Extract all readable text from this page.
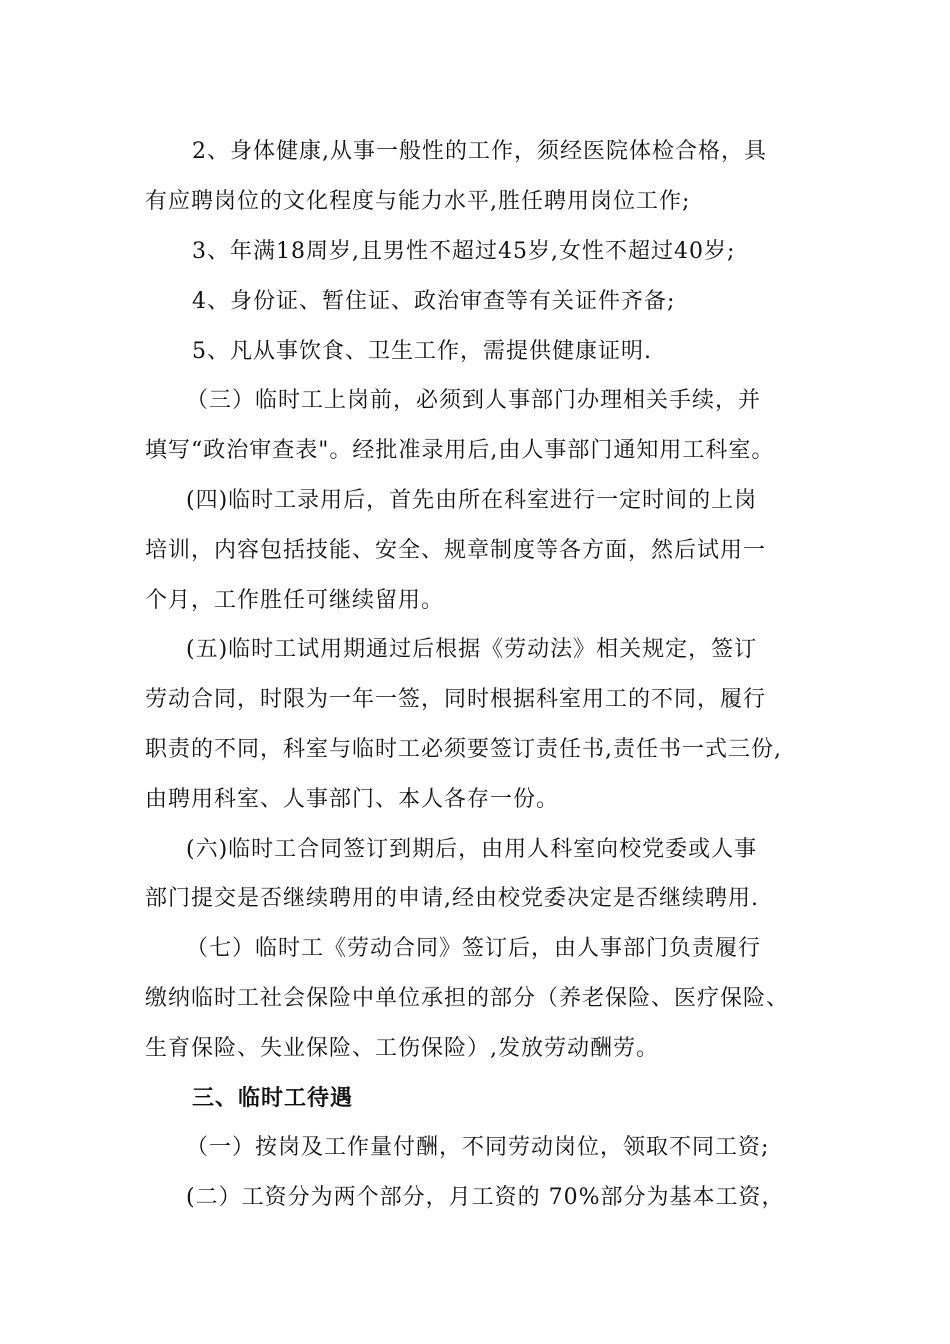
2、身体健康,从事一般性的工作，须经医院体检合格，具
有应聘岗位的文化程度与能力水平,胜任聘用岗位工作;
3、年满18周岁,且男性不超过45岁,女性不超过40岁;
4、身份证、暂住证、政治审查等有关证件齐备;
5、凡从事饮食、卫生工作，需提供健康证明.
（三）临时工上岗前，必须到人事部门办理相关手续，并
填写“政治审查表"。经批准录用后,由人事部门通知用工科室。
(四)临时工录用后，首先由所在科室进行一定时间的上岗
培训，内容包括技能、安全、规章制度等各方面，然后试用一
个月，工作胜任可继续留用。
(五)临时工试用期通过后根据《劳动法》相关规定，签订
劳动合同，时限为一年一签，同时根据科室用工的不同，履行
职责的不同，科室与临时工必须要签订责任书,责任书一式三份,
由聘用科室、人事部门、本人各存一份。
(六)临时工合同签订到期后，由用人科室向校党委或人事
部门提交是否继续聘用的申请,经由校党委决定是否继续聘用.
（七）临时工《劳动合同》签订后，由人事部门负责履行
缴纳临时工社会保险中单位承担的部分（养老保险、医疗保险、
生育保险、失业保险、工伤保险）,发放劳动酬劳。
三、临时工待遇
（一）按岗及工作量付酬，不同劳动岗位，领取不同工资;
(二）工资分为两个部分，月工资的 70%部分为基本工资，
